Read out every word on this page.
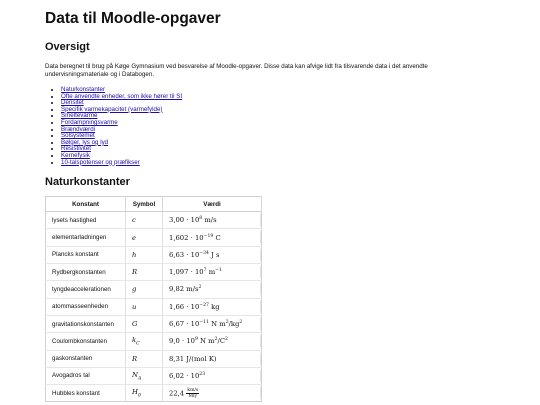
Data til Moodle-opgaver
Oversigt

Data beregnet til brug på Køge Gymnasium ved besvarelse af Moodle-opgaver. Disse data kan afvige lidt fra tilsvarende data i det anvendte undervisningsmateriale og i Databogen.

• Naturkonstanter
• Ofte anvendte enheder, som ikke hører til SI
• Densitet
• Specifik varmekapacitet (varmefylde)
• Smeltevarme
• Fordampningsvarme
• Brændværdi
• Solsystemet
• Bølger, lys og lyd
• Resistivitet
• Kernefysik
• 10-talspotenser og præfikser
Naturkonstanter
Konstant	Symbol	Værdi
lysets hastighed	c	$3,00 \cdot 10^8$ m/s

elementarladningen	e	$1,602 \cdot 10^{-19}$ C

Plancks konstant	h	$6,63 \cdot 10^{-34}$ J s

Rydbergkonstanten	R	$1,097 \cdot 10^7$ $m^{-1}$

tyngdeaccelerationen	g	9,82 $m/s^2$

atommasseenheden	u	$1,66 \cdot 10^{-27}$ kg

gravitationskonstanten	G	$6,67 \cdot 10^{-11}$ N $m^2/kg^2$

Coulombkonstanten	$k_C$	$9,0 \cdot 10^9$ N $m^2/C^2$

gaskonstanten	R	8,31 J/(mol K)

Avogadros tal	$N_A$	$6,02 \cdot 10^{23}$

Hubbles konstant	$H_0$	$22,4 \frac{km/s}{\text{Mly}}$
